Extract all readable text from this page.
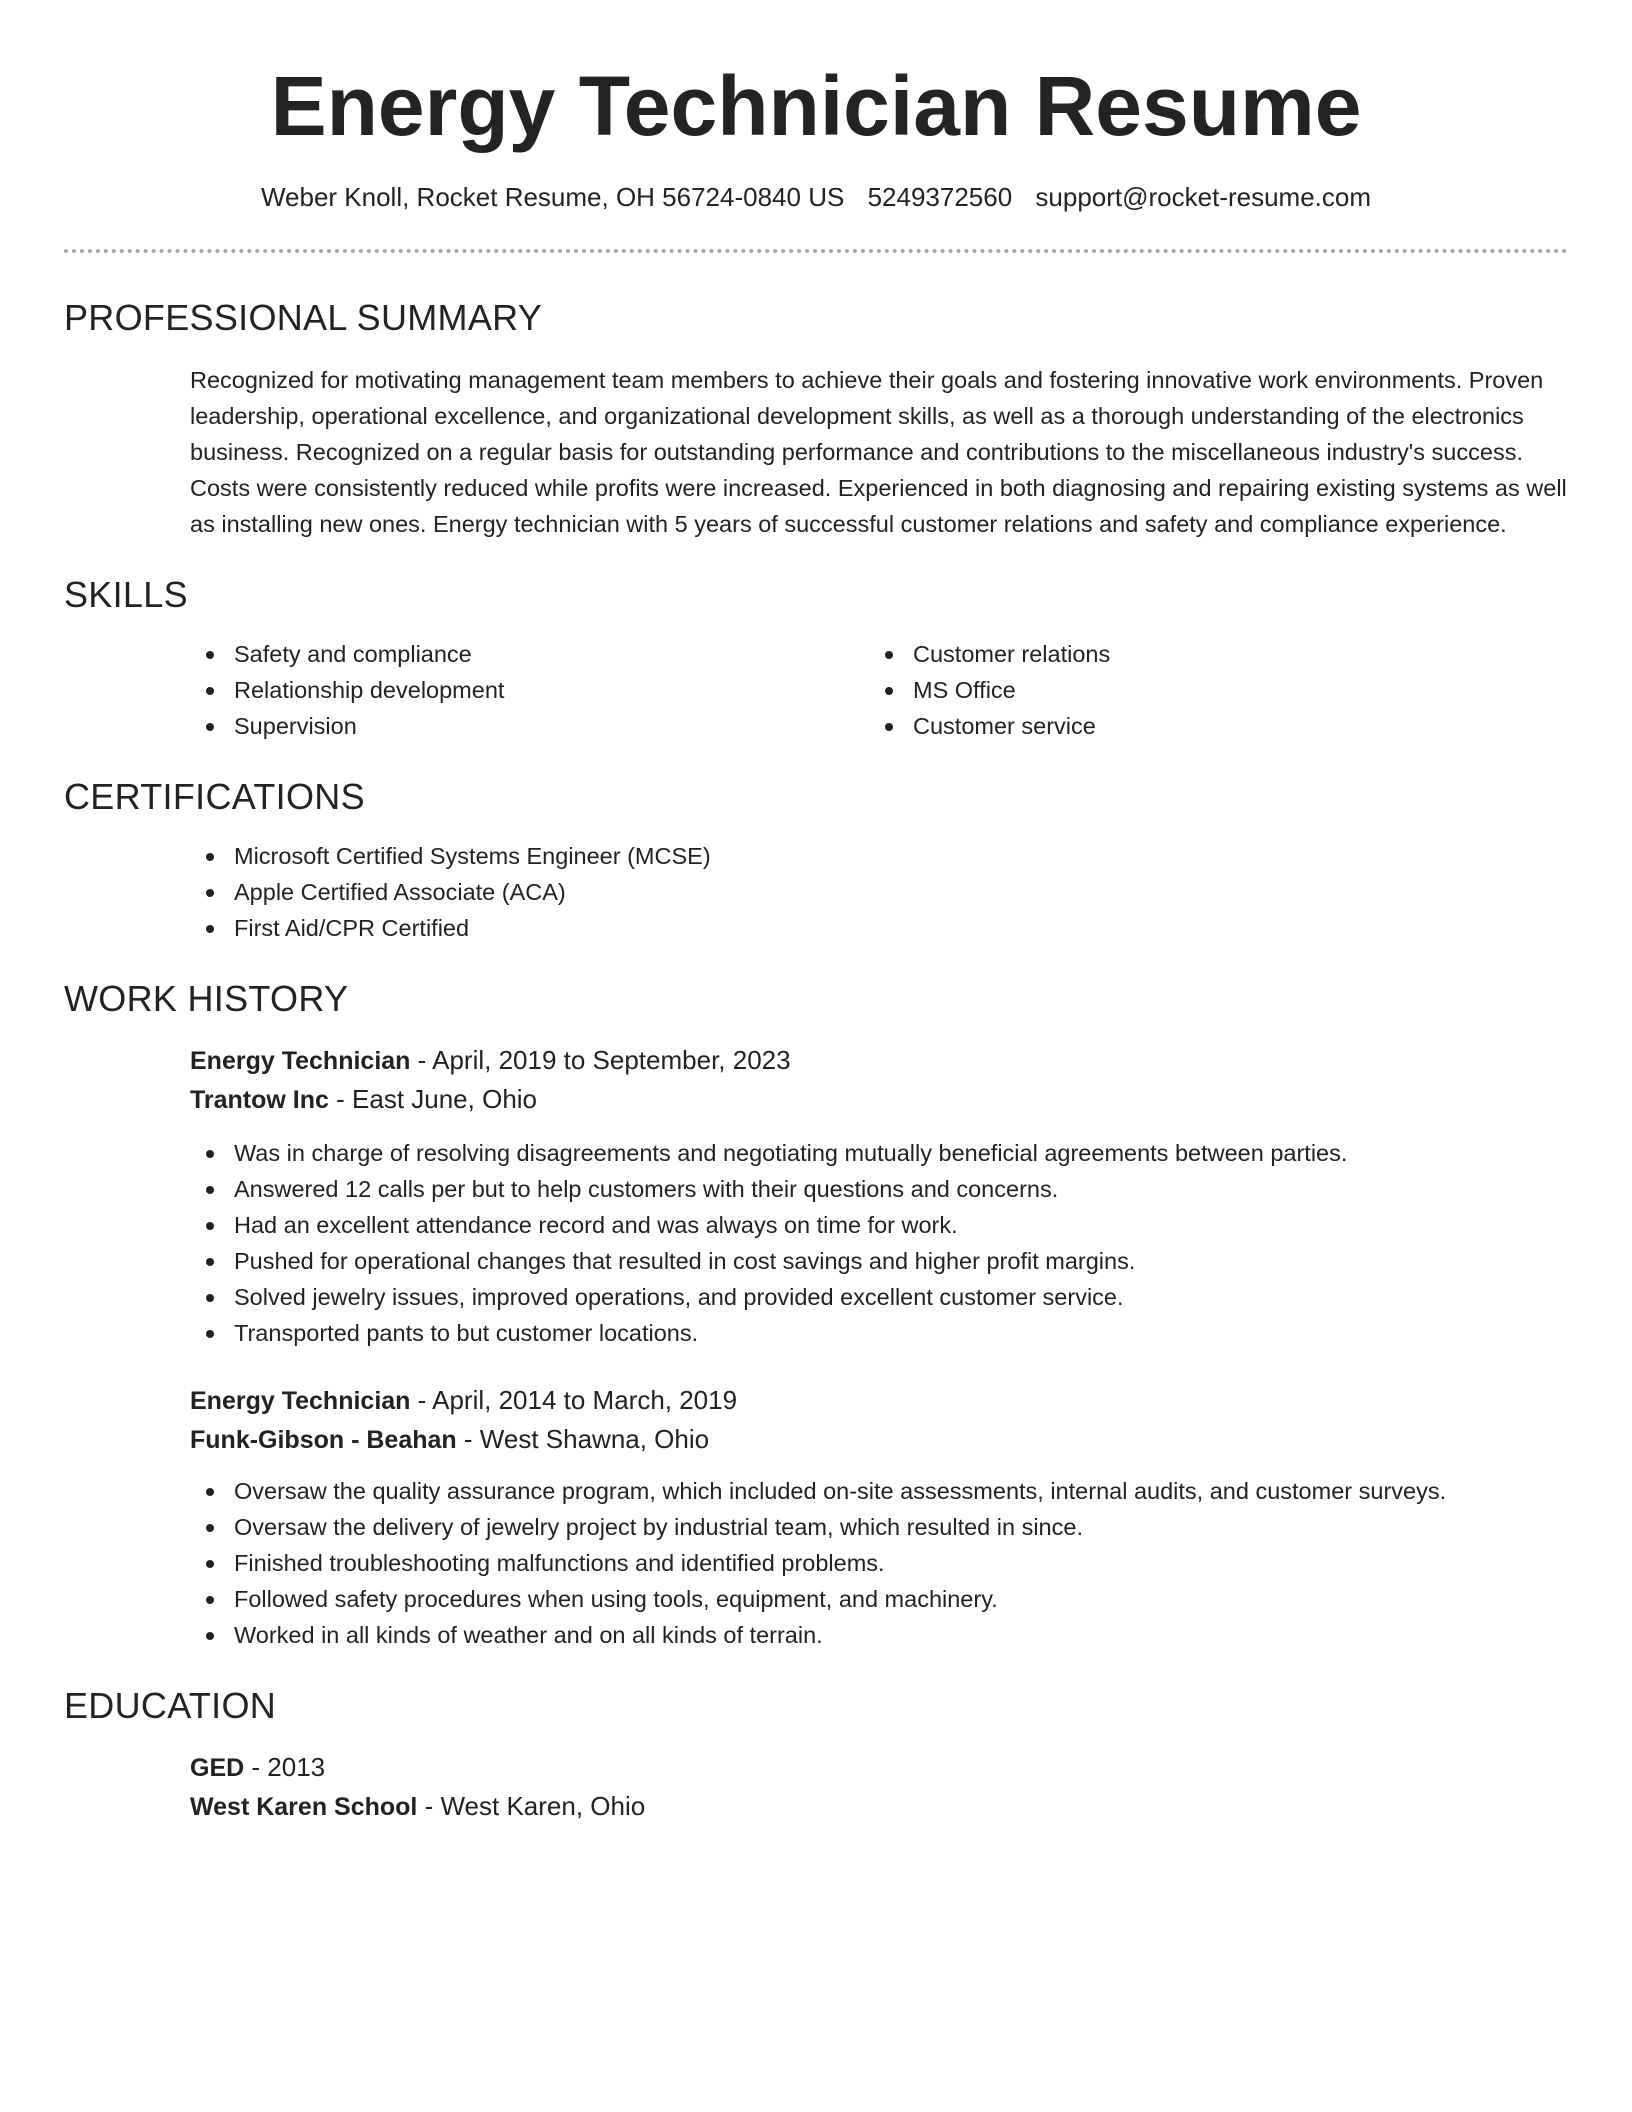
Energy Technician Resume
Weber Knoll, Rocket Resume, OH 56724-0840 US 5249372560 support@rocket-resume.com
PROFESSIONAL SUMMARY

Recognized for motivating management team members to achieve their goals and fostering innovative work environments. Proven leadership, operational excellence, and organizational development skills, as well as a thorough understanding of the electronics business. Recognized on a regular basis for outstanding performance and contributions to the miscellaneous industry's success. Costs were consistently reduced while profits were increased. Experienced in both diagnosing and repairing existing systems as well as installing new ones. Energy technician with 5 years of successful customer relations and safety and compliance experience.

SKILLS
Safety and compliance
Relationship development
Supervision
Customer relations
MS Office
Customer service
CERTIFICATIONS
Microsoft Certified Systems Engineer (MCSE)
Apple Certified Associate (ACA)
First Aid/CPR Certified
WORK HISTORY
Energy Technician - April, 2019 to September, 2023
Trantow Inc - East June, Ohio
Was in charge of resolving disagreements and negotiating mutually beneficial agreements between parties.
Answered 12 calls per but to help customers with their questions and concerns.
Had an excellent attendance record and was always on time for work.
Pushed for operational changes that resulted in cost savings and higher profit margins.
Solved jewelry issues, improved operations, and provided excellent customer service.
Transported pants to but customer locations.
Energy Technician - April, 2014 to March, 2019
Funk-Gibson - Beahan - West Shawna, Ohio
Oversaw the quality assurance program, which included on-site assessments, internal audits, and customer surveys.
Oversaw the delivery of jewelry project by industrial team, which resulted in since.
Finished troubleshooting malfunctions and identified problems.
Followed safety procedures when using tools, equipment, and machinery.
Worked in all kinds of weather and on all kinds of terrain.
EDUCATION
GED - 2013
West Karen School - West Karen, Ohio
